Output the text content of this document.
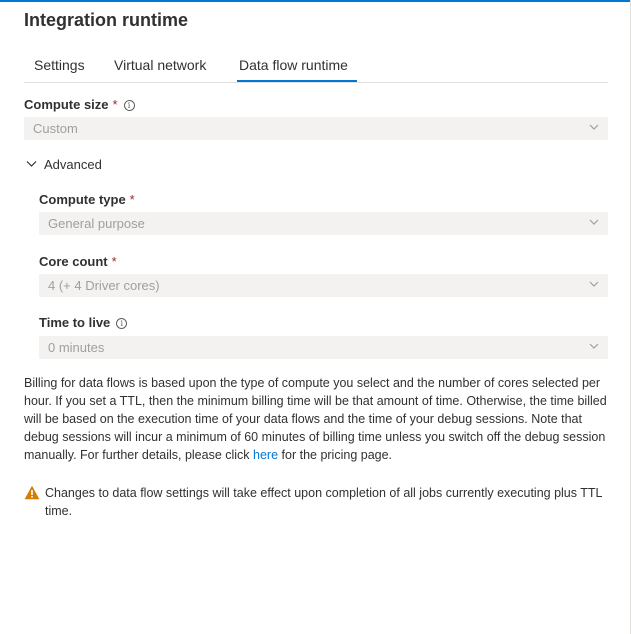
Integration runtime
Settings Virtual network Data flow runtime
Compute size * i
Custom
Advanced
Compute type *
General purpose
Core count *
4 (+ 4 Driver cores)
Time to live i
0 minutes
Billing for data flows is based upon the type of compute you select and the number of cores selected per hour. If you set a TTL, then the minimum billing time will be that amount of time. Otherwise, the time billed will be based on the execution time of your data flows and the time of your debug sessions. Note that debug sessions will incur a minimum of 60 minutes of billing time unless you switch off the debug session manually. For further details, please click here for the pricing page.
Changes to data flow settings will take effect upon completion of all jobs currently executing plus TTL time.
